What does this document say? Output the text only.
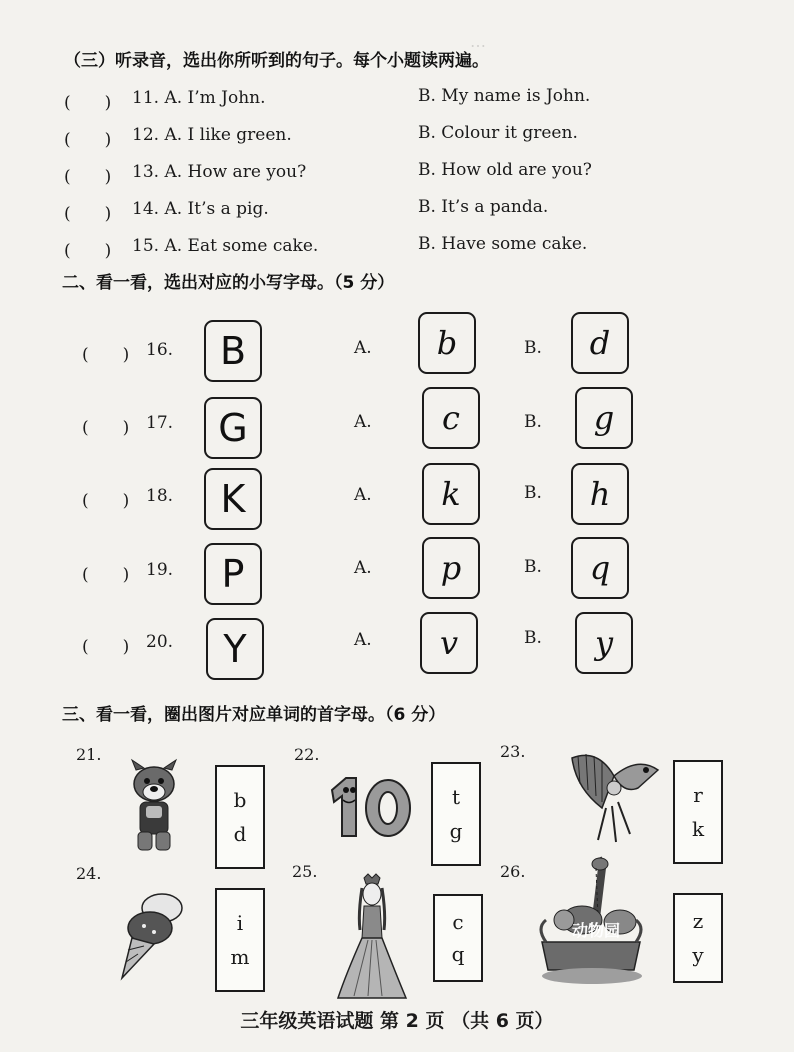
⋯
（三）听录音，选出你所听到的句子。每个小题读两遍。
(　　) 11. A. I’m John.	B. My name is John.
(　　) 12. A. I like green.	B. Colour it green.
(　　) 13. A. How are you?	B. How old are you?
(　　) 14. A. It’s a pig.	B. It’s a panda.
(　　) 15. A. Eat some cake.	B. Have some cake.
二、看一看，选出对应的小写字母。（5 分）
(　　) 16.	B	A.	b	B.	d
(　　) 17.	G	A.	c	B.	g
(　　) 18.	K	A.	k	B.	h
(　　) 19.	P	A.	p	B.	q
(　　) 20.	Y	A.	v	B.	y
三、看一看，圈出图片对应单词的首字母。（6 分）
21.
b
d
22.
t
g
23.
r
k
24.
i
m
25.
c
q
26.
动物园	z
y
三年级英语试题 第 2 页 （共 6 页）
